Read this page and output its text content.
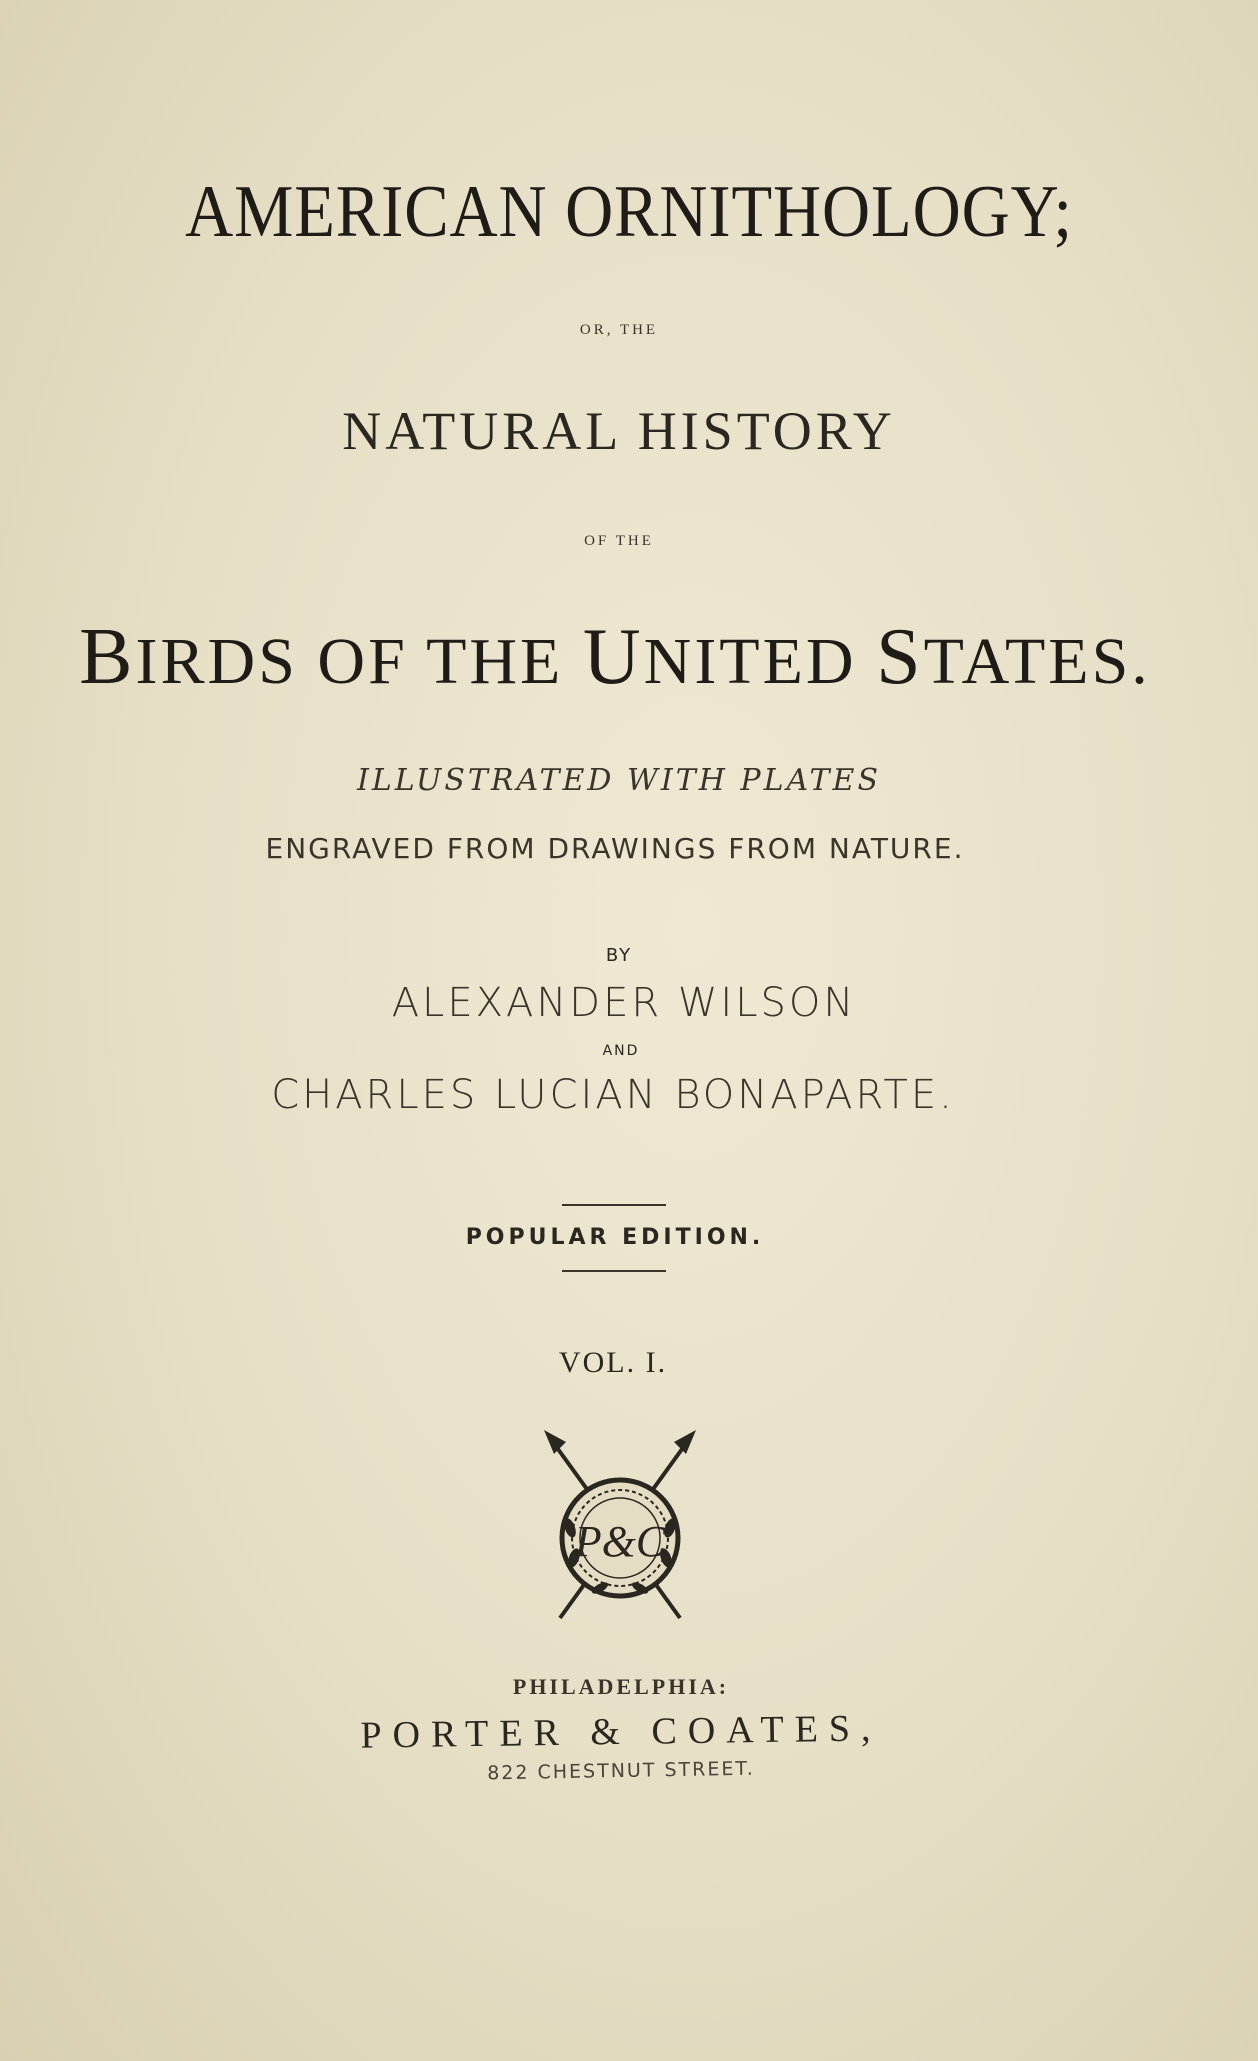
AMERICAN ORNITHOLOGY;
OR, THE
NATURAL HISTORY
OF THE
BIRDS OF THE UNITED STATES.
ILLUSTRATED WITH PLATES
ENGRAVED FROM DRAWINGS FROM NATURE.
BY
ALEXANDER WILSON
AND
CHARLES LUCIAN BONAPARTE.
POPULAR EDITION.
VOL. I.
P&C
PHILADELPHIA:
PORTER & COATES,
822 CHESTNUT STREET.
